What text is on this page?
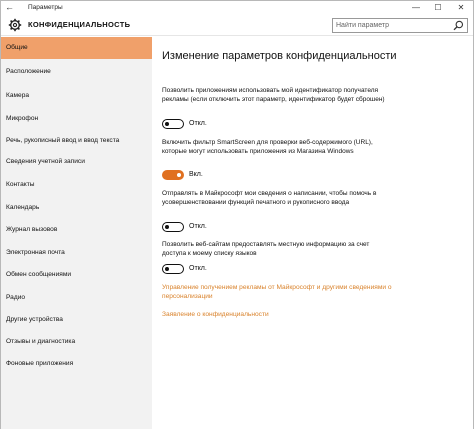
←	Параметры	—	☐	✕
КОНФИДЕНЦИАЛЬНОСТЬ
Найти параметр
Общие
Расположение
Камера
Микрофон
Речь, рукописный ввод и ввод текста
Сведения учетной записи
Контакты
Календарь
Журнал вызовов
Электронная почта
Обмен сообщениями
Радио
Другие устройства
Отзывы и диагностика
Фоновые приложения
Изменение параметров конфиденциальности
Позволить приложениям использовать мой идентификатор получателя рекламы (если отключить этот параметр, идентификатор будет сброшен)
Откл.
Включить фильтр SmartScreen для проверки веб-содержимого (URL), которые могут использовать приложения из Магазина Windows
Вкл.
Отправлять в Майкрософт мои сведения о написании, чтобы помочь в усовершенствовании функций печатного и рукописного ввода
Откл.
Позволить веб-сайтам предоставлять местную информацию за счет доступа к моему списку языков
Откл.
Управление получением рекламы от Майкрософт и другими сведениями о персонализации
Заявление о конфиденциальности
